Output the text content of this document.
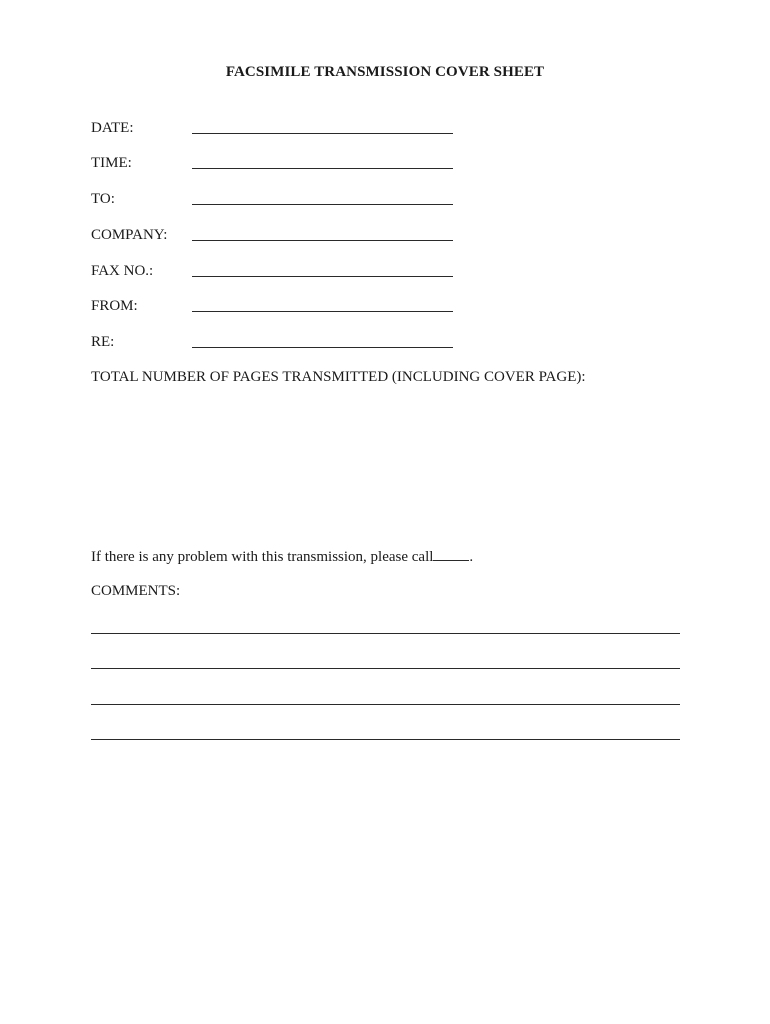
FACSIMILE TRANSMISSION COVER SHEET
DATE:
TIME:
TO:
COMPANY:
FAX NO.:
FROM:
RE:
TOTAL NUMBER OF PAGES TRANSMITTED (INCLUDING COVER PAGE):
If there is any problem with this transmission, please call .
COMMENTS:
